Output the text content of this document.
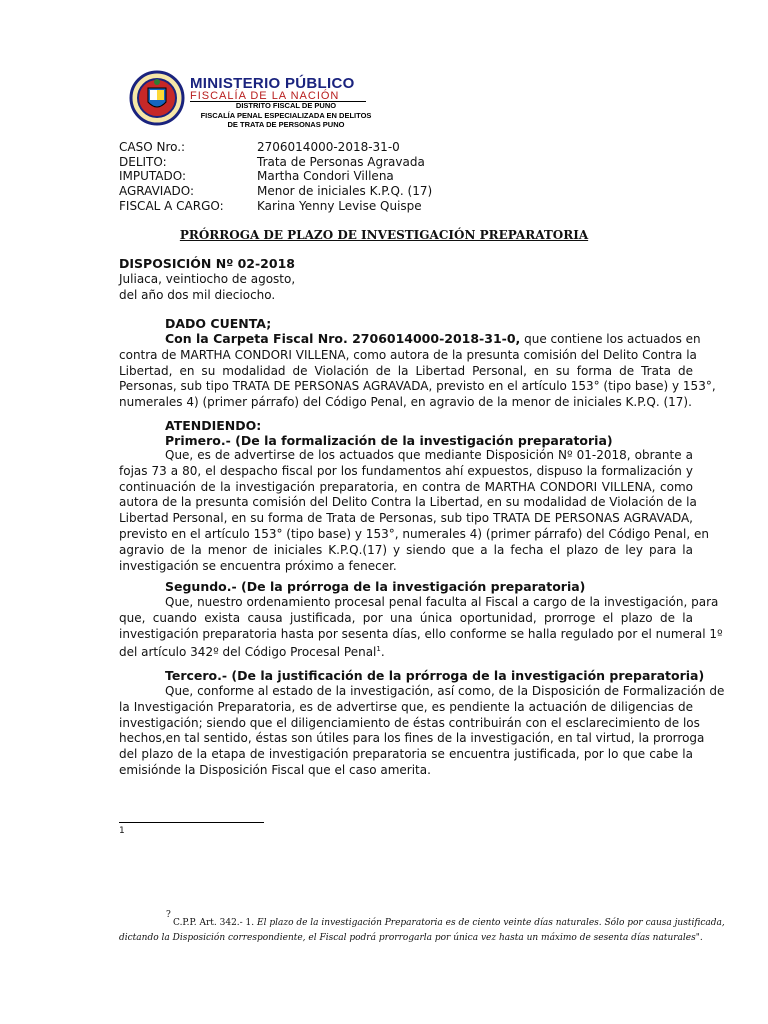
MINISTERIO PÚBLICO
FISCALÍA DE LA NACIÓN
DISTRITO FISCAL DE PUNO
FISCALÍA PENAL ESPECIALIZADA EN DELITOS
DE TRATA DE PERSONAS PUNO
CASO Nro.:	2706014000-2018-31-0
DELITO:	Trata de Personas Agravada
IMPUTADO:	Martha Condori Villena
AGRAVIADO:	Menor de iniciales K.P.Q. (17)
FISCAL A CARGO:	Karina Yenny Levise Quispe
PRÓRROGA DE PLAZO DE INVESTIGACIÓN PREPARATORIA
DISPOSICIÓN Nº 02-2018
Juliaca, veintiocho de agosto,
del año dos mil dieciocho.
DADO CUENTA;
Con la Carpeta Fiscal Nro. 2706014000-2018-31-0, que contiene los actuados en
contra de MARTHA CONDORI VILLENA, como autora de la presunta comisión del Delito Contra la
Libertad, en su modalidad de Violación de la Libertad Personal, en su forma de Trata de
Personas, sub tipo TRATA DE PERSONAS AGRAVADA, previsto en el artículo 153° (tipo base) y 153°,
numerales 4) (primer párrafo) del Código Penal, en agravio de la menor de iniciales K.P.Q. (17).
ATENDIENDO:
Primero.- (De la formalización de la investigación preparatoria)
Que, es de advertirse de los actuados que mediante Disposición Nº 01-2018, obrante a
fojas 73 a 80, el despacho fiscal por los fundamentos ahí expuestos, dispuso la formalización y
continuación de la investigación preparatoria, en contra de MARTHA CONDORI VILLENA, como
autora de la presunta comisión del Delito Contra la Libertad, en su modalidad de Violación de la
Libertad Personal, en su forma de Trata de Personas, sub tipo TRATA DE PERSONAS AGRAVADA,
previsto en el artículo 153° (tipo base) y 153°, numerales 4) (primer párrafo) del Código Penal, en
agravio de la menor de iniciales K.P.Q.(17) y siendo que a la fecha el plazo de ley para la
investigación se encuentra próximo a fenecer.
Segundo.- (De la prórroga de la investigación preparatoria)
Que, nuestro ordenamiento procesal penal faculta al Fiscal a cargo de la investigación, para
que, cuando exista causa justificada, por una única oportunidad, prorroge el plazo de la
investigación preparatoria hasta por sesenta días, ello conforme se halla regulado por el numeral 1º
del artículo 342º del Código Procesal Penal$^1$.
Tercero.- (De la justificación de la prórroga de la investigación preparatoria)
Que, conforme al estado de la investigación, así como, de la Disposición de Formalización de
la Investigación Preparatoria, es de advertirse que, es pendiente la actuación de diligencias de
investigación; siendo que el diligenciamiento de éstas contribuirán con el esclarecimiento de los
hechos,en tal sentido, éstas son útiles para los fines de la investigación, en tal virtud, la prorroga
del plazo de la etapa de investigación preparatoria se encuentra justificada, por lo que cabe la
emisiónde la Disposición Fiscal que el caso amerita.
1
?
C.P.P. Art. 342.- 1. El plazo de la investigación Preparatoria es de ciento veinte días naturales. Sólo por causa justificada,
dictando la Disposición correspondiente, el Fiscal podrá prorrogarla por única vez hasta un máximo de sesenta días naturales".
